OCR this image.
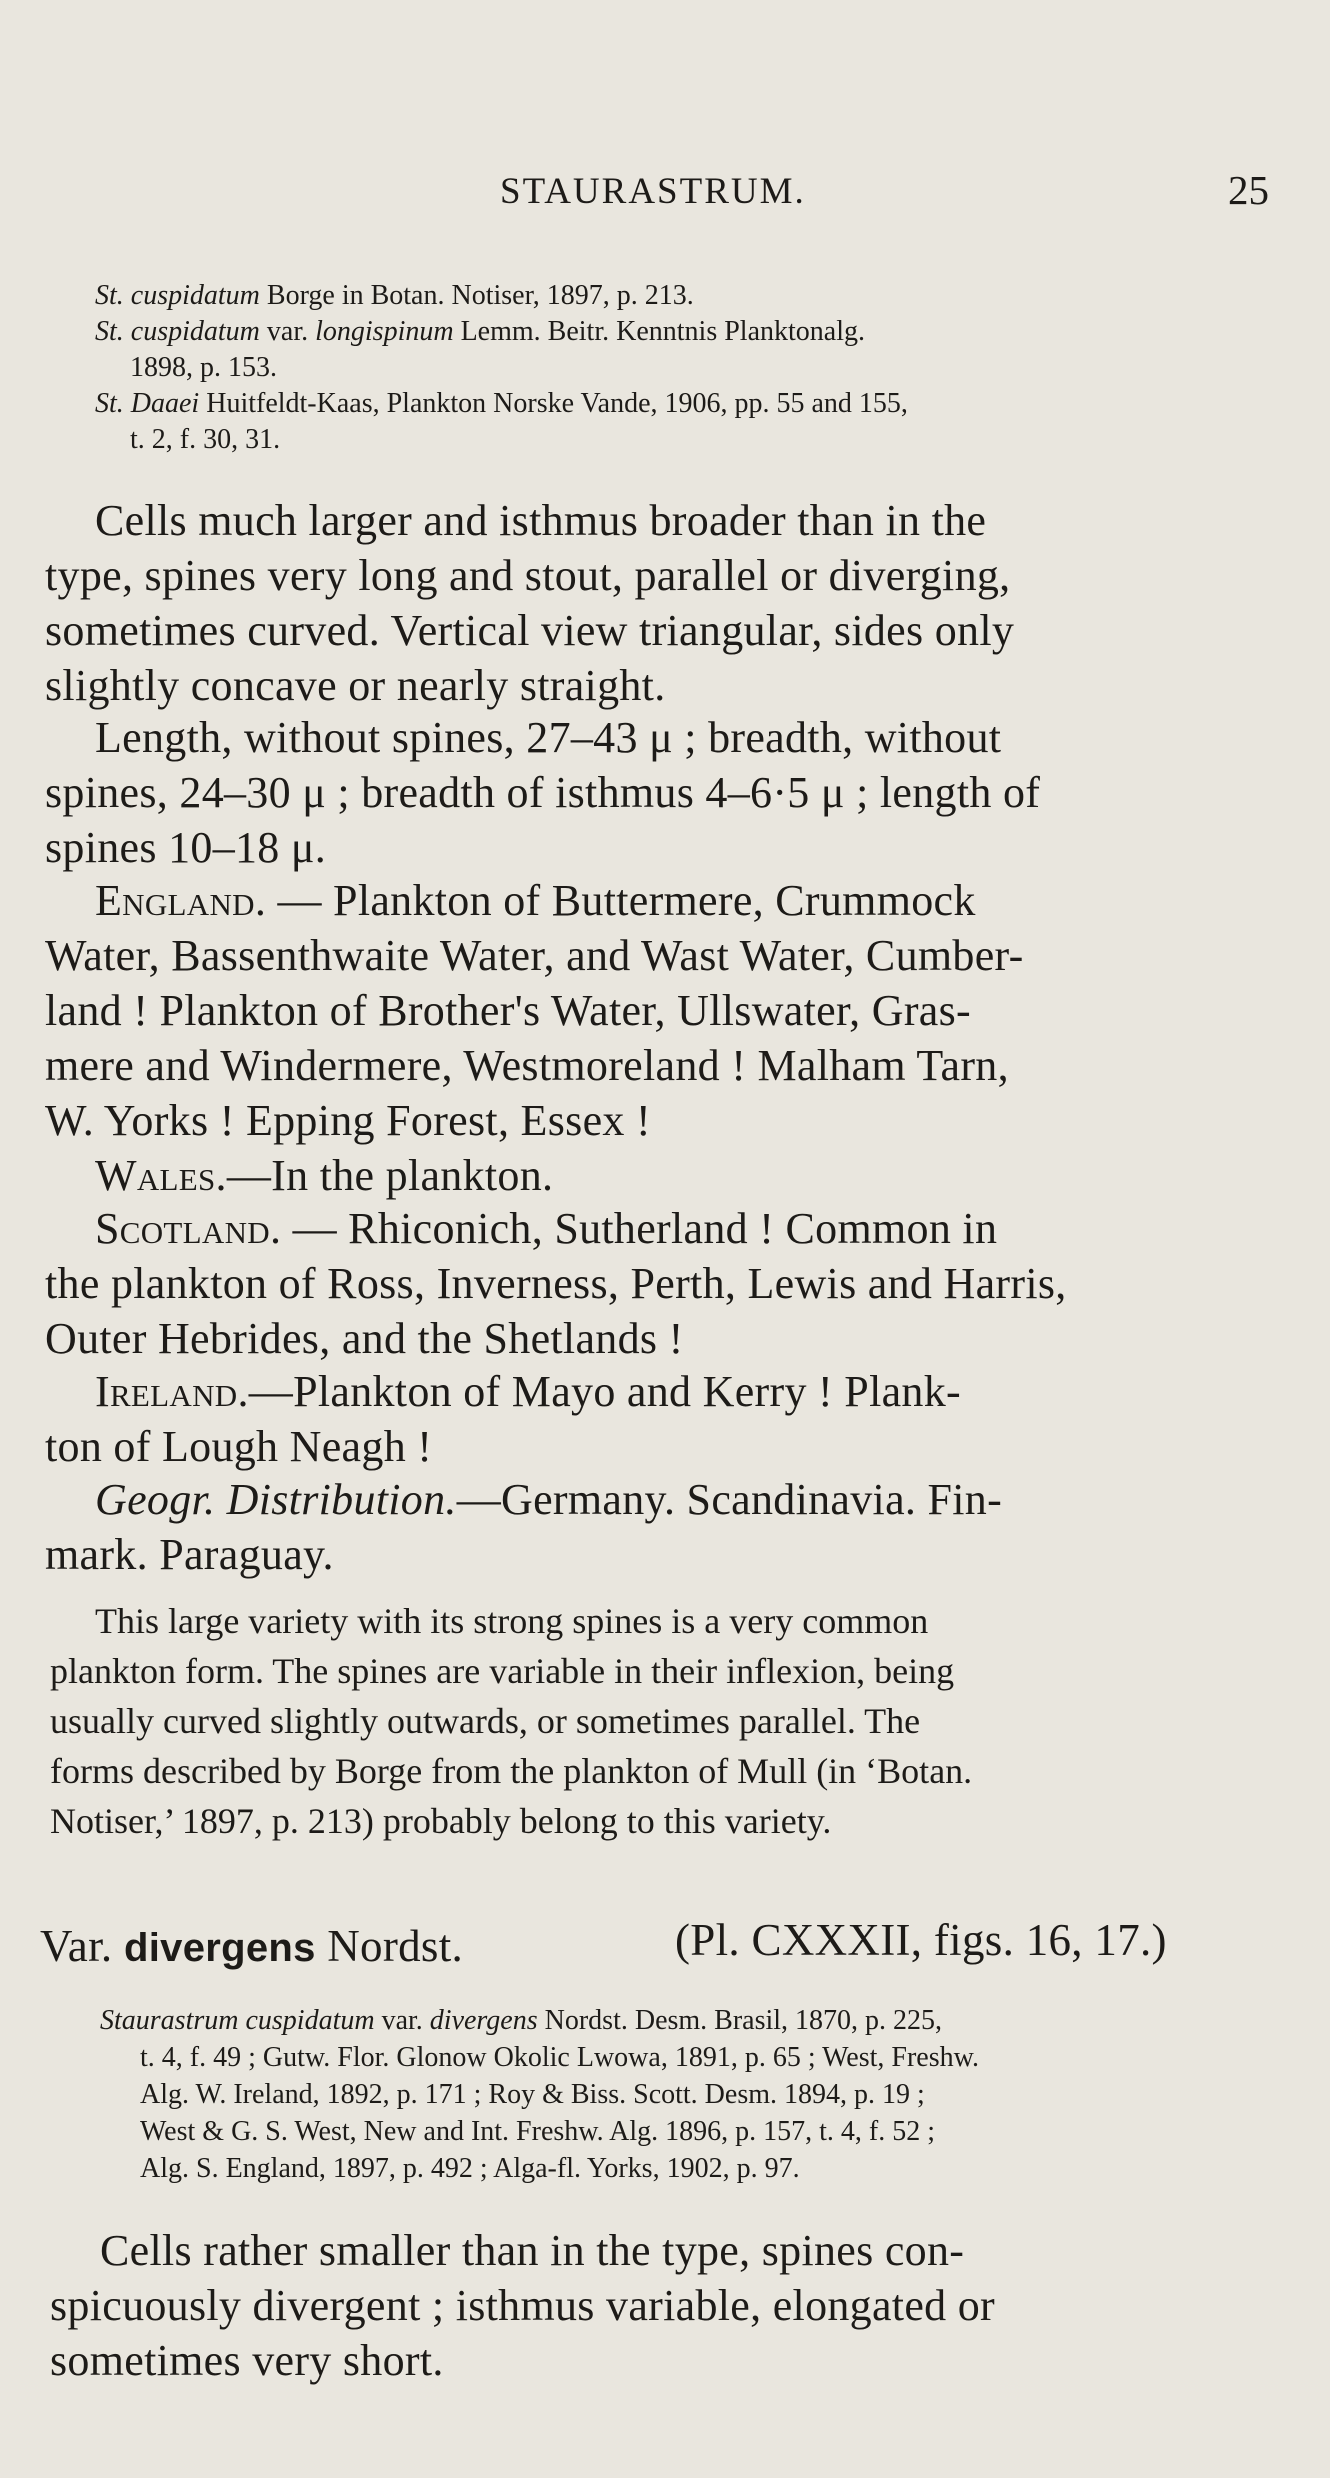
STAURASTRUM.	25
St. cuspidatum Borge in Botan. Notiser, 1897, p. 213.
St. cuspidatum var. longispinum Lemm. Beitr. Kenntnis Planktonalg.
1898, p. 153.
St. Daaei Huitfeldt-Kaas, Plankton Norske Vande, 1906, pp. 55 and 155,
t. 2, f. 30, 31.
Cells much larger and isthmus broader than in the
type, spines very long and stout, parallel or diverging,
sometimes curved. Vertical view triangular, sides only
slightly concave or nearly straight.
Length, without spines, 27–43 μ ; breadth, without
spines, 24–30 μ ; breadth of isthmus 4–6·5 μ ; length of
spines 10–18 μ.
England. — Plankton of Buttermere, Crummock
Water, Bassenthwaite Water, and Wast Water, Cumber-
land ! Plankton of Brother's Water, Ullswater, Gras-
mere and Windermere, Westmoreland ! Malham Tarn,
W. Yorks ! Epping Forest, Essex !
Wales.—In the plankton.
Scotland. — Rhiconich, Sutherland ! Common in
the plankton of Ross, Inverness, Perth, Lewis and Harris,
Outer Hebrides, and the Shetlands !
Ireland.—Plankton of Mayo and Kerry ! Plank-
ton of Lough Neagh !
Geogr. Distribution.—Germany. Scandinavia. Fin-
mark. Paraguay.
This large variety with its strong spines is a very common
plankton form. The spines are variable in their inflexion, being
usually curved slightly outwards, or sometimes parallel. The
forms described by Borge from the plankton of Mull (in ‘Botan.
Notiser,’ 1897, p. 213) probably belong to this variety.
Var. divergens Nordst.	(Pl. CXXXII, figs. 16, 17.)
Staurastrum cuspidatum var. divergens Nordst. Desm. Brasil, 1870, p. 225,
t. 4, f. 49 ; Gutw. Flor. Glonow Okolic Lwowa, 1891, p. 65 ; West, Freshw.
Alg. W. Ireland, 1892, p. 171 ; Roy & Biss. Scott. Desm. 1894, p. 19 ;
West & G. S. West, New and Int. Freshw. Alg. 1896, p. 157, t. 4, f. 52 ;
Alg. S. England, 1897, p. 492 ; Alga-fl. Yorks, 1902, p. 97.
Cells rather smaller than in the type, spines con-
spicuously divergent ; isthmus variable, elongated or
sometimes very short.
